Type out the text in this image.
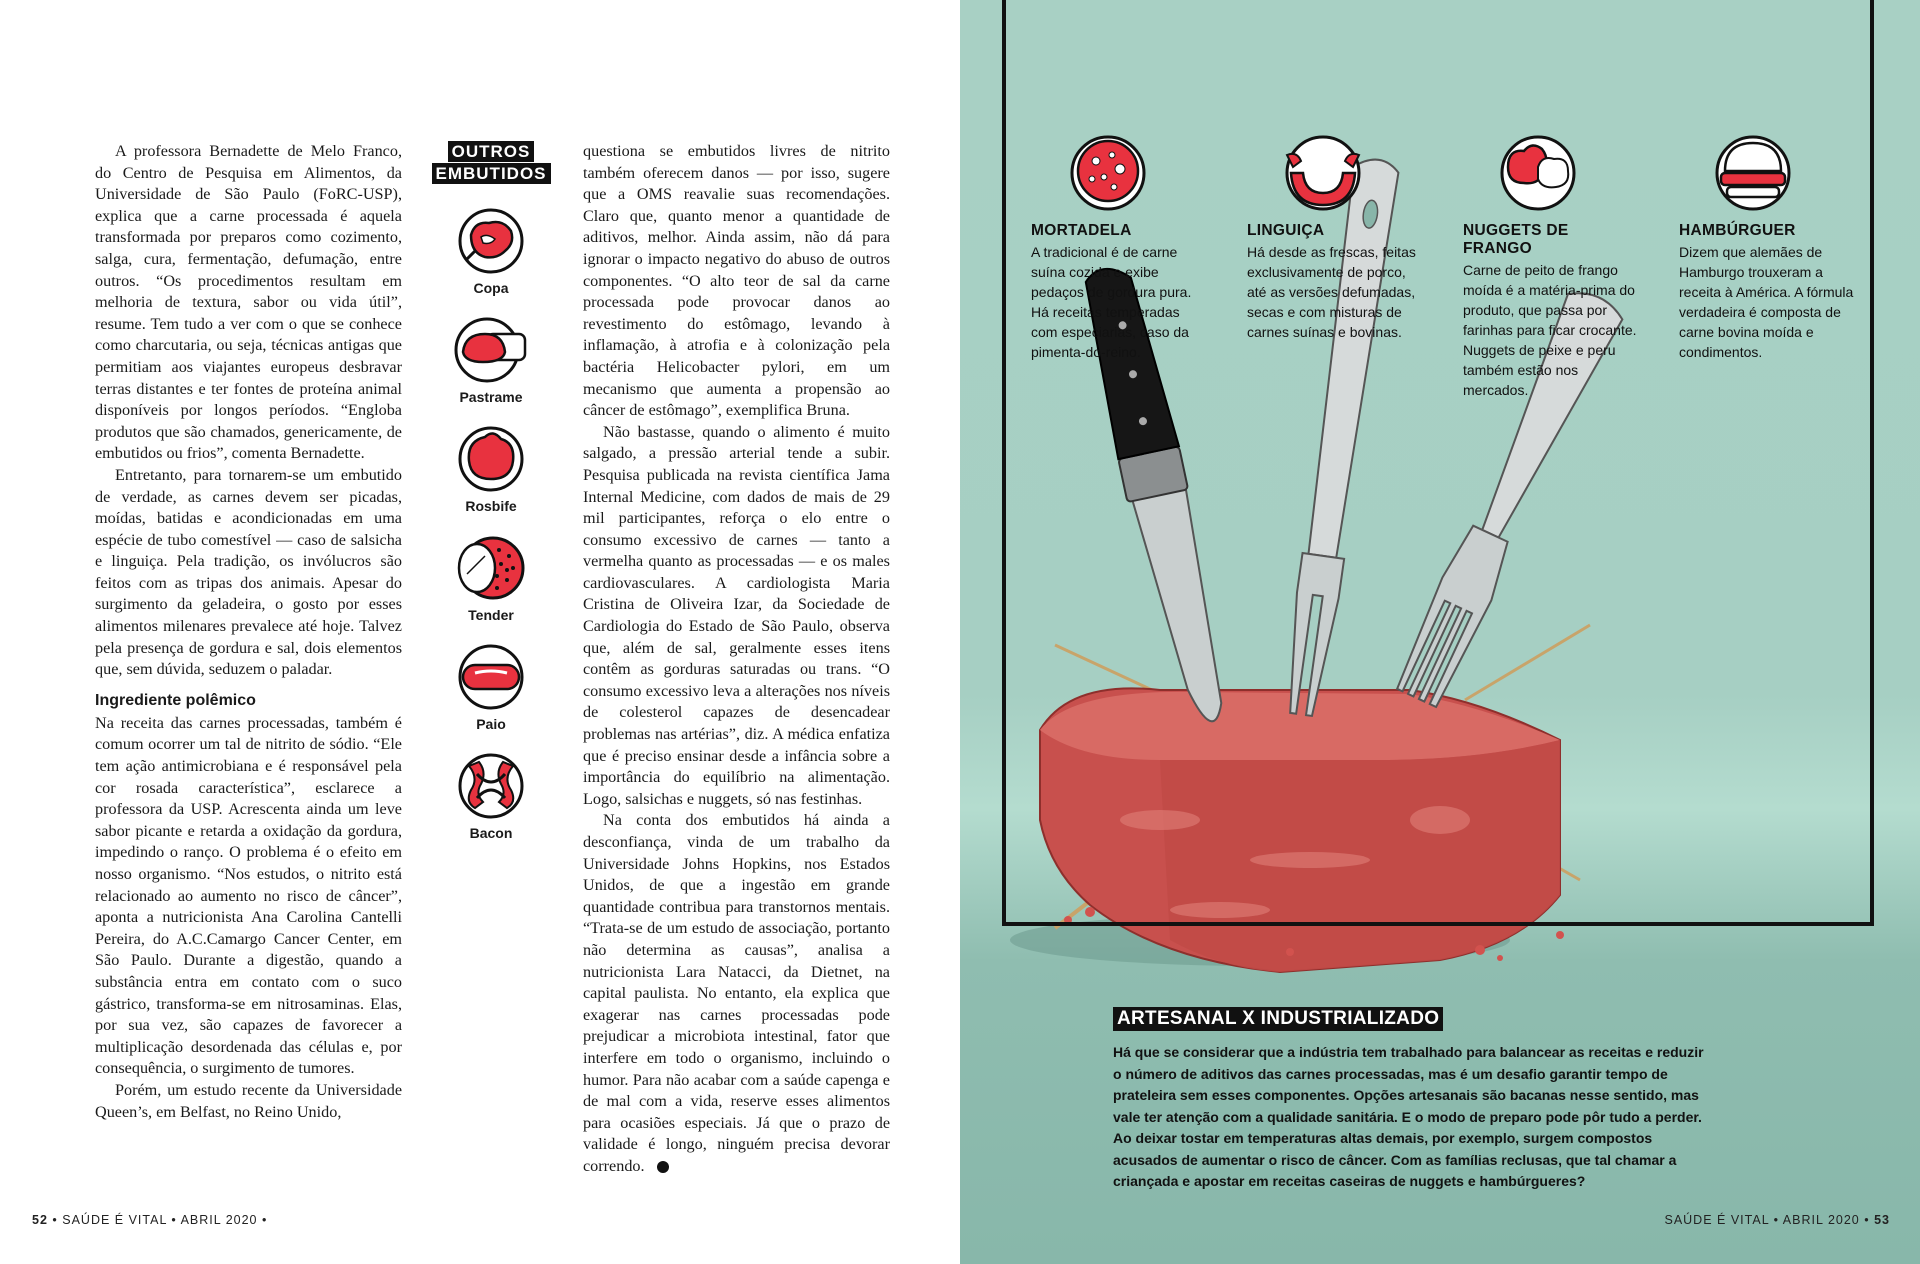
A professora Bernadette de Melo Franco, do Centro de Pesquisa em Alimentos, da Universidade de São Paulo (FoRC-USP), explica que a carne processada é aquela transformada por preparos como cozimento, salga, cura, fermentação, defumação, entre outros. “Os procedimentos resultam em melhoria de textura, sabor ou vida útil”, resume. Tem tudo a ver com o que se conhece como charcutaria, ou seja, técnicas antigas que permitiam aos viajantes europeus desbravar terras distantes e ter fontes de proteína animal disponíveis por longos períodos. “Engloba produtos que são chamados, genericamente, de embutidos ou frios”, comenta Bernadette.

Entretanto, para tornarem-se um embutido de verdade, as carnes devem ser picadas, moídas, batidas e acondicionadas em uma espécie de tubo comestível — caso de salsicha e linguiça. Pela tradição, os invólucros são feitos com as tripas dos animais. Apesar do surgimento da geladeira, o gosto por esses alimentos milenares prevalece até hoje. Talvez pela presença de gordura e sal, dois elementos que, sem dúvida, seduzem o paladar.

Ingrediente polêmico

Na receita das carnes processadas, também é comum ocorrer um tal de nitrito de sódio. “Ele tem ação antimicrobiana e é responsável pela cor rosada característica”, esclarece a professora da USP. Acrescenta ainda um leve sabor picante e retarda a oxidação da gordura, impedindo o ranço. O problema é o efeito em nosso organismo. “Nos estudos, o nitrito está relacionado ao aumento no risco de câncer”, aponta a nutricionista Ana Carolina Cantelli Pereira, do A.C.Camargo Cancer Center, em São Paulo. Durante a digestão, quando a substância entra em contato com o suco gástrico, transforma-se em nitrosaminas. Elas, por sua vez, são capazes de favorecer a multiplicação desordenada das células e, por consequência, o surgimento de tumores.

Porém, um estudo recente da Universidade Queen’s, em Belfast, no Reino Unido,

OUTROS
EMBUTIDOS
Copa
Pastrame
Rosbife
Tender
Paio
Bacon

questiona se embutidos livres de nitrito também oferecem danos — por isso, sugere que a OMS reavalie suas recomendações. Claro que, quanto menor a quantidade de aditivos, melhor. Ainda assim, não dá para ignorar o impacto negativo do abuso de outros componentes. “O alto teor de sal da carne processada pode provocar danos ao revestimento do estômago, levando à inflamação, à atrofia e à colonização pela bactéria Helicobacter pylori, em um mecanismo que aumenta a propensão ao câncer de estômago”, exemplifica Bruna.

Não bastasse, quando o alimento é muito salgado, a pressão arterial tende a subir. Pesquisa publicada na revista científica Jama Internal Medicine, com dados de mais de 29 mil participantes, reforça o elo entre o consumo excessivo de carnes — tanto a vermelha quanto as processadas — e os males cardiovasculares. A cardiologista Maria Cristina de Oliveira Izar, da Sociedade de Cardiologia do Estado de São Paulo, observa que, além de sal, geralmente esses itens contêm as gorduras saturadas ou trans. “O consumo excessivo leva a alterações nos níveis de colesterol capazes de desencadear problemas nas artérias”, diz. A médica enfatiza que é preciso ensinar desde a infância sobre a importância do equilíbrio na alimentação. Logo, salsichas e nuggets, só nas festinhas.

Na conta dos embutidos há ainda a desconfiança, vinda de um trabalho da Universidade Johns Hopkins, nos Estados Unidos, de que a ingestão em grande quantidade contribua para transtornos mentais. “Trata-se de um estudo de associação, portanto não determina as causas”, analisa a nutricionista Lara Natacci, da Dietnet, na capital paulista. No entanto, ela explica que exagerar nas carnes processadas pode prejudicar a microbiota intestinal, fator que interfere em todo o organismo, incluindo o humor. Para não acabar com a saúde capenga e de mal com a vida, reserve esses alimentos para ocasiões especiais. Já que o prazo de validade é longo, ninguém precisa devorar correndo.

52 • SAÚDE É VITAL • ABRIL 2020 •
MORTADELA

A tradicional é de carne suína cozida e exibe pedaços de gordura pura. Há receitas temperadas com especiarias, caso da pimenta-do-reino.

LINGUIÇA

Há desde as frescas, feitas exclusivamente de porco, até as versões defumadas, secas e com misturas de carnes suínas e bovinas.

NUGGETS DE FRANGO

Carne de peito de frango moída é a matéria-prima do produto, que passa por farinhas para ficar crocante. Nuggets de peixe e peru também estão nos mercados.

HAMBÚRGUER

Dizem que alemães de Hamburgo trouxeram a receita à América. A fórmula verdadeira é composta de carne bovina moída e condimentos.

ARTESANAL X INDUSTRIALIZADO
Há que se considerar que a indústria tem trabalhado para balancear as receitas e reduzir o número de aditivos das carnes processadas, mas é um desafio garantir tempo de prateleira sem esses componentes. Opções artesanais são bacanas nesse sentido, mas vale ter atenção com a qualidade sanitária. E o modo de preparo pode pôr tudo a perder. Ao deixar tostar em temperaturas altas demais, por exemplo, surgem compostos acusados de aumentar o risco de câncer. Com as famílias reclusas, que tal chamar a criançada e apostar em receitas caseiras de nuggets e hambúrgueres?
SAÚDE É VITAL • ABRIL 2020 • 53
